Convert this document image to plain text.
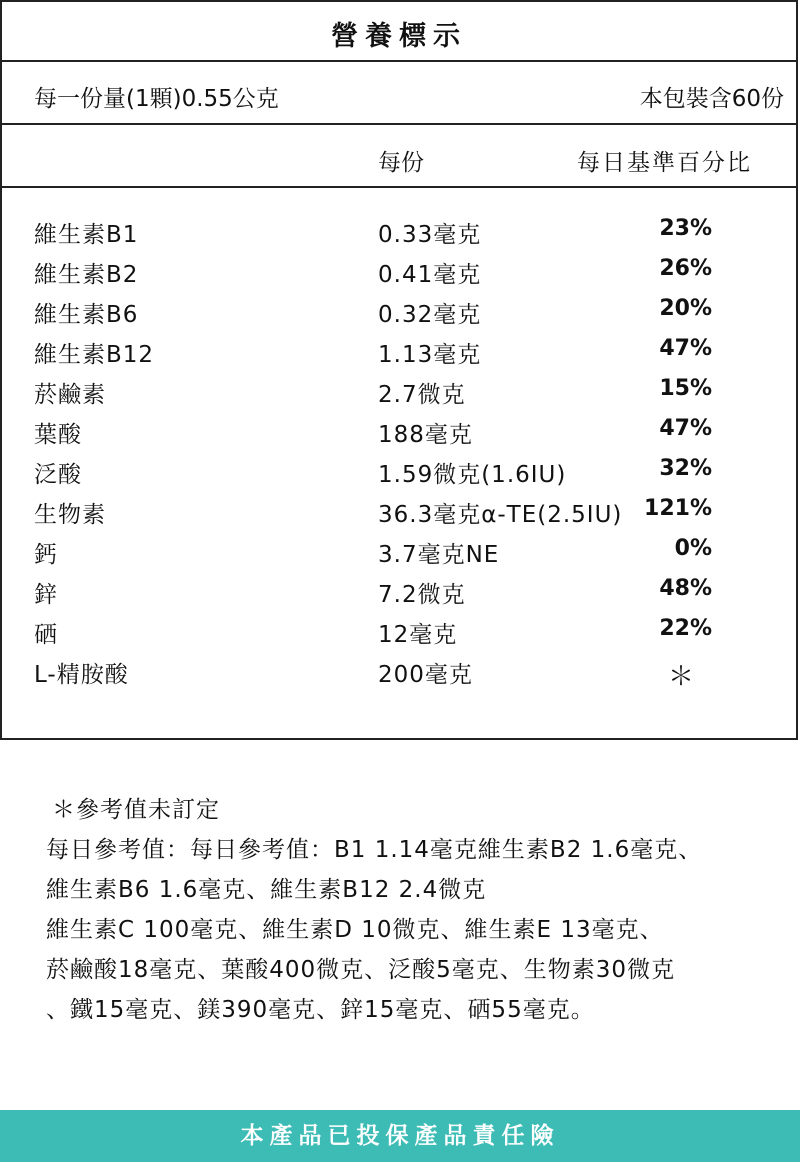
營養標示
每一份量(1顆)0.55公克	本包裝含60份
每份	每日基準百分比
維生素B1	0.33毫克	23%
維生素B2	0.41毫克	26%
維生素B6	0.32毫克	20%
維生素B12	1.13毫克	47%
菸鹼素	2.7微克	15%
葉酸	188毫克	47%
泛酸	1.59微克(1.6IU)	32%
生物素	36.3毫克α-TE(2.5IU) 121%
鈣	3.7毫克NE	0%
鋅	7.2微克	48%
硒	12毫克	22%
L-精胺酸	200毫克	＊
＊參考值未訂定
每日參考值：每日參考值：B1 1.14毫克維生素B2 1.6毫克、
維生素B6 1.6毫克、維生素B12 2.4微克
維生素C 100毫克、維生素D 10微克、維生素E 13毫克、
菸鹼酸18毫克、葉酸400微克、泛酸5毫克、生物素30微克
、鐵15毫克、鎂390毫克、鋅15毫克、硒55毫克。
本產品已投保產品責任險
